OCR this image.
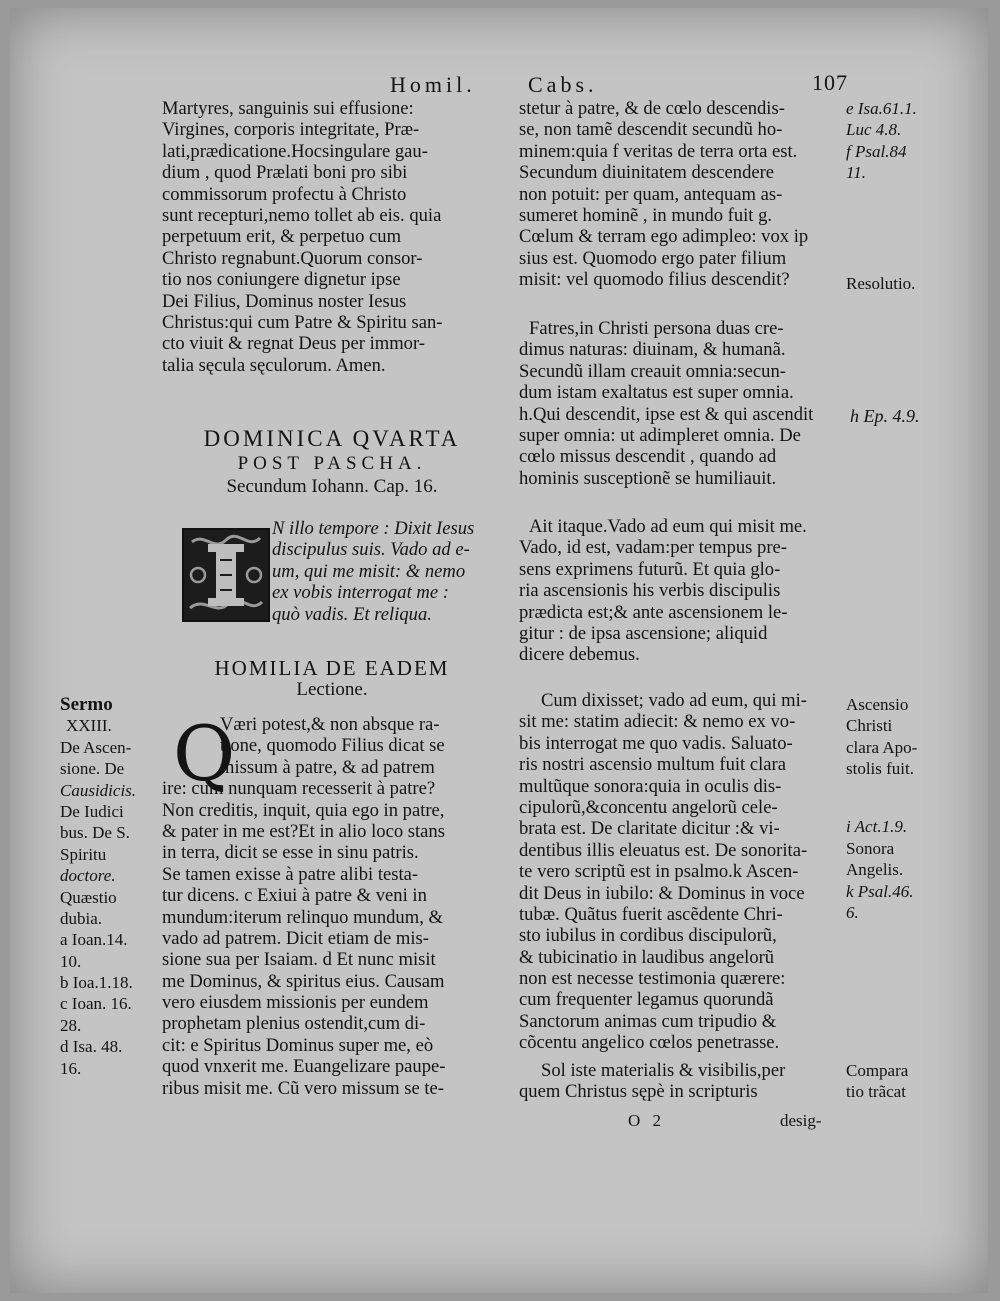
Homil. Cabs.	107
Martyres, sanguinis sui effusione:
Virgines, corporis integritate, Præ-
lati,prædicatione.Hocsingulare gau-
dium , quod Prælati boni pro sibi
commissorum profectu à Christo
sunt recepturi,nemo tollet ab eis. quia
perpetuum erit, & perpetuo cum
Christo regnabunt.Quorum consor-
tio nos coniungere dignetur ipse
Dei Filius, Dominus noster Iesus
Christus:qui cum Patre & Spiritu san-
cto viuit & regnat Deus per immor-
talia sęcula sęculorum. Amen.
DOMINICA QVARTA
POST PASCHA.
Secundum Iohann. Cap. 16.
N illo tempore : Dixit Iesus
discipulus suis. Vado ad e-
um, qui me misit: & nemo
ex vobis interrogat me :
quò vadis. Et reliqua.
HOMILIA DE EADEM
Lectione.
Q
Væri potest,& non absque ra-
tione, quomodo Filius dicat se
missum à patre, & ad patrem
ire: cum nunquam recesserit à patre?
Non creditis, inquit, quia ego in patre,
& pater in me est?Et in alio loco stans
in terra, dicit se esse in sinu patris.
Se tamen exisse à patre alibi testa-
tur dicens. c Exiui à patre & veni in
mundum:iterum relinquo mundum, &
vado ad patrem. Dicit etiam de mis-
sione sua per Isaiam. d Et nunc misit
me Dominus, & spiritus eius. Causam
vero eiusdem missionis per eundem
prophetam plenius ostendit,cum di-
cit: e Spiritus Dominus super me, eò
quod vnxerit me. Euangelizare paupe-
ribus misit me. Cũ vero missum se te-
Sermo
XXIII.
De Ascen-
sione. De
Causidicis.
De Iudici
bus. De S.
Spiritu
doctore.
Quæstio
dubia.
a Ioan.14.
10.
b Ioa.1.18.
c Ioan. 16.
28.
d Isa. 48.
16.
stetur à patre, & de cœlo descendis-
se, non tamẽ descendit secundũ ho-
minem:quia f veritas de terra orta est.
Secundum diuinitatem descendere
non potuit: per quam, antequam as-
sumeret hominẽ , in mundo fuit g.
Cœlum & terram ego adimpleo: vox ip
sius est. Quomodo ergo pater filium
misit: vel quomodo filius descendit?
Fatres,in Christi persona duas cre-
dimus naturas: diuinam, & humanã.
Secundũ illam creauit omnia:secun-
dum istam exaltatus est super omnia.
h.Qui descendit, ipse est & qui ascendit
super omnia: ut adimpleret omnia. De
cœlo missus descendit , quando ad
hominis susceptionẽ se humiliauit.
Ait itaque.Vado ad eum qui misit me.
Vado, id est, vadam:per tempus pre-
sens exprimens futurũ. Et quia glo-
ria ascensionis his verbis discipulis
prædicta est;& ante ascensionem le-
gitur : de ipsa ascensione; aliquid
dicere debemus.
Cum dixisset; vado ad eum, qui mi-
sit me: statim adiecit: & nemo ex vo-
bis interrogat me quo vadis. Saluato-
ris nostri ascensio multum fuit clara
multũque sonora:quia in oculis dis-
cipulorũ,&concentu angelorũ cele-
brata est. De claritate dicitur :& vi-
dentibus illis eleuatus est. De sonorita-
te vero scriptũ est in psalmo.k Ascen-
dit Deus in iubilo: & Dominus in voce
tubæ. Quãtus fuerit ascẽdente Chri-
sto iubilus in cordibus discipulorũ,
& tubicinatio in laudibus angelorũ
non est necesse testimonia quærere:
cum frequenter legamus quorundã
Sanctorum animas cum tripudio &
cõcentu angelico cœlos penetrasse.
Sol iste materialis & visibilis,per
quem Christus sępè in scripturis
e Isa.61.1.
Luc 4.8.
f Psal.84
11.
Resolutio.
h Ep. 4.9.
Ascensio
Christi
clara Apo-
stolis fuit.
i Act.1.9.
Sonora
Angelis.
k Psal.46.
6.
Compara
tio trãcat
O 2	desig-
